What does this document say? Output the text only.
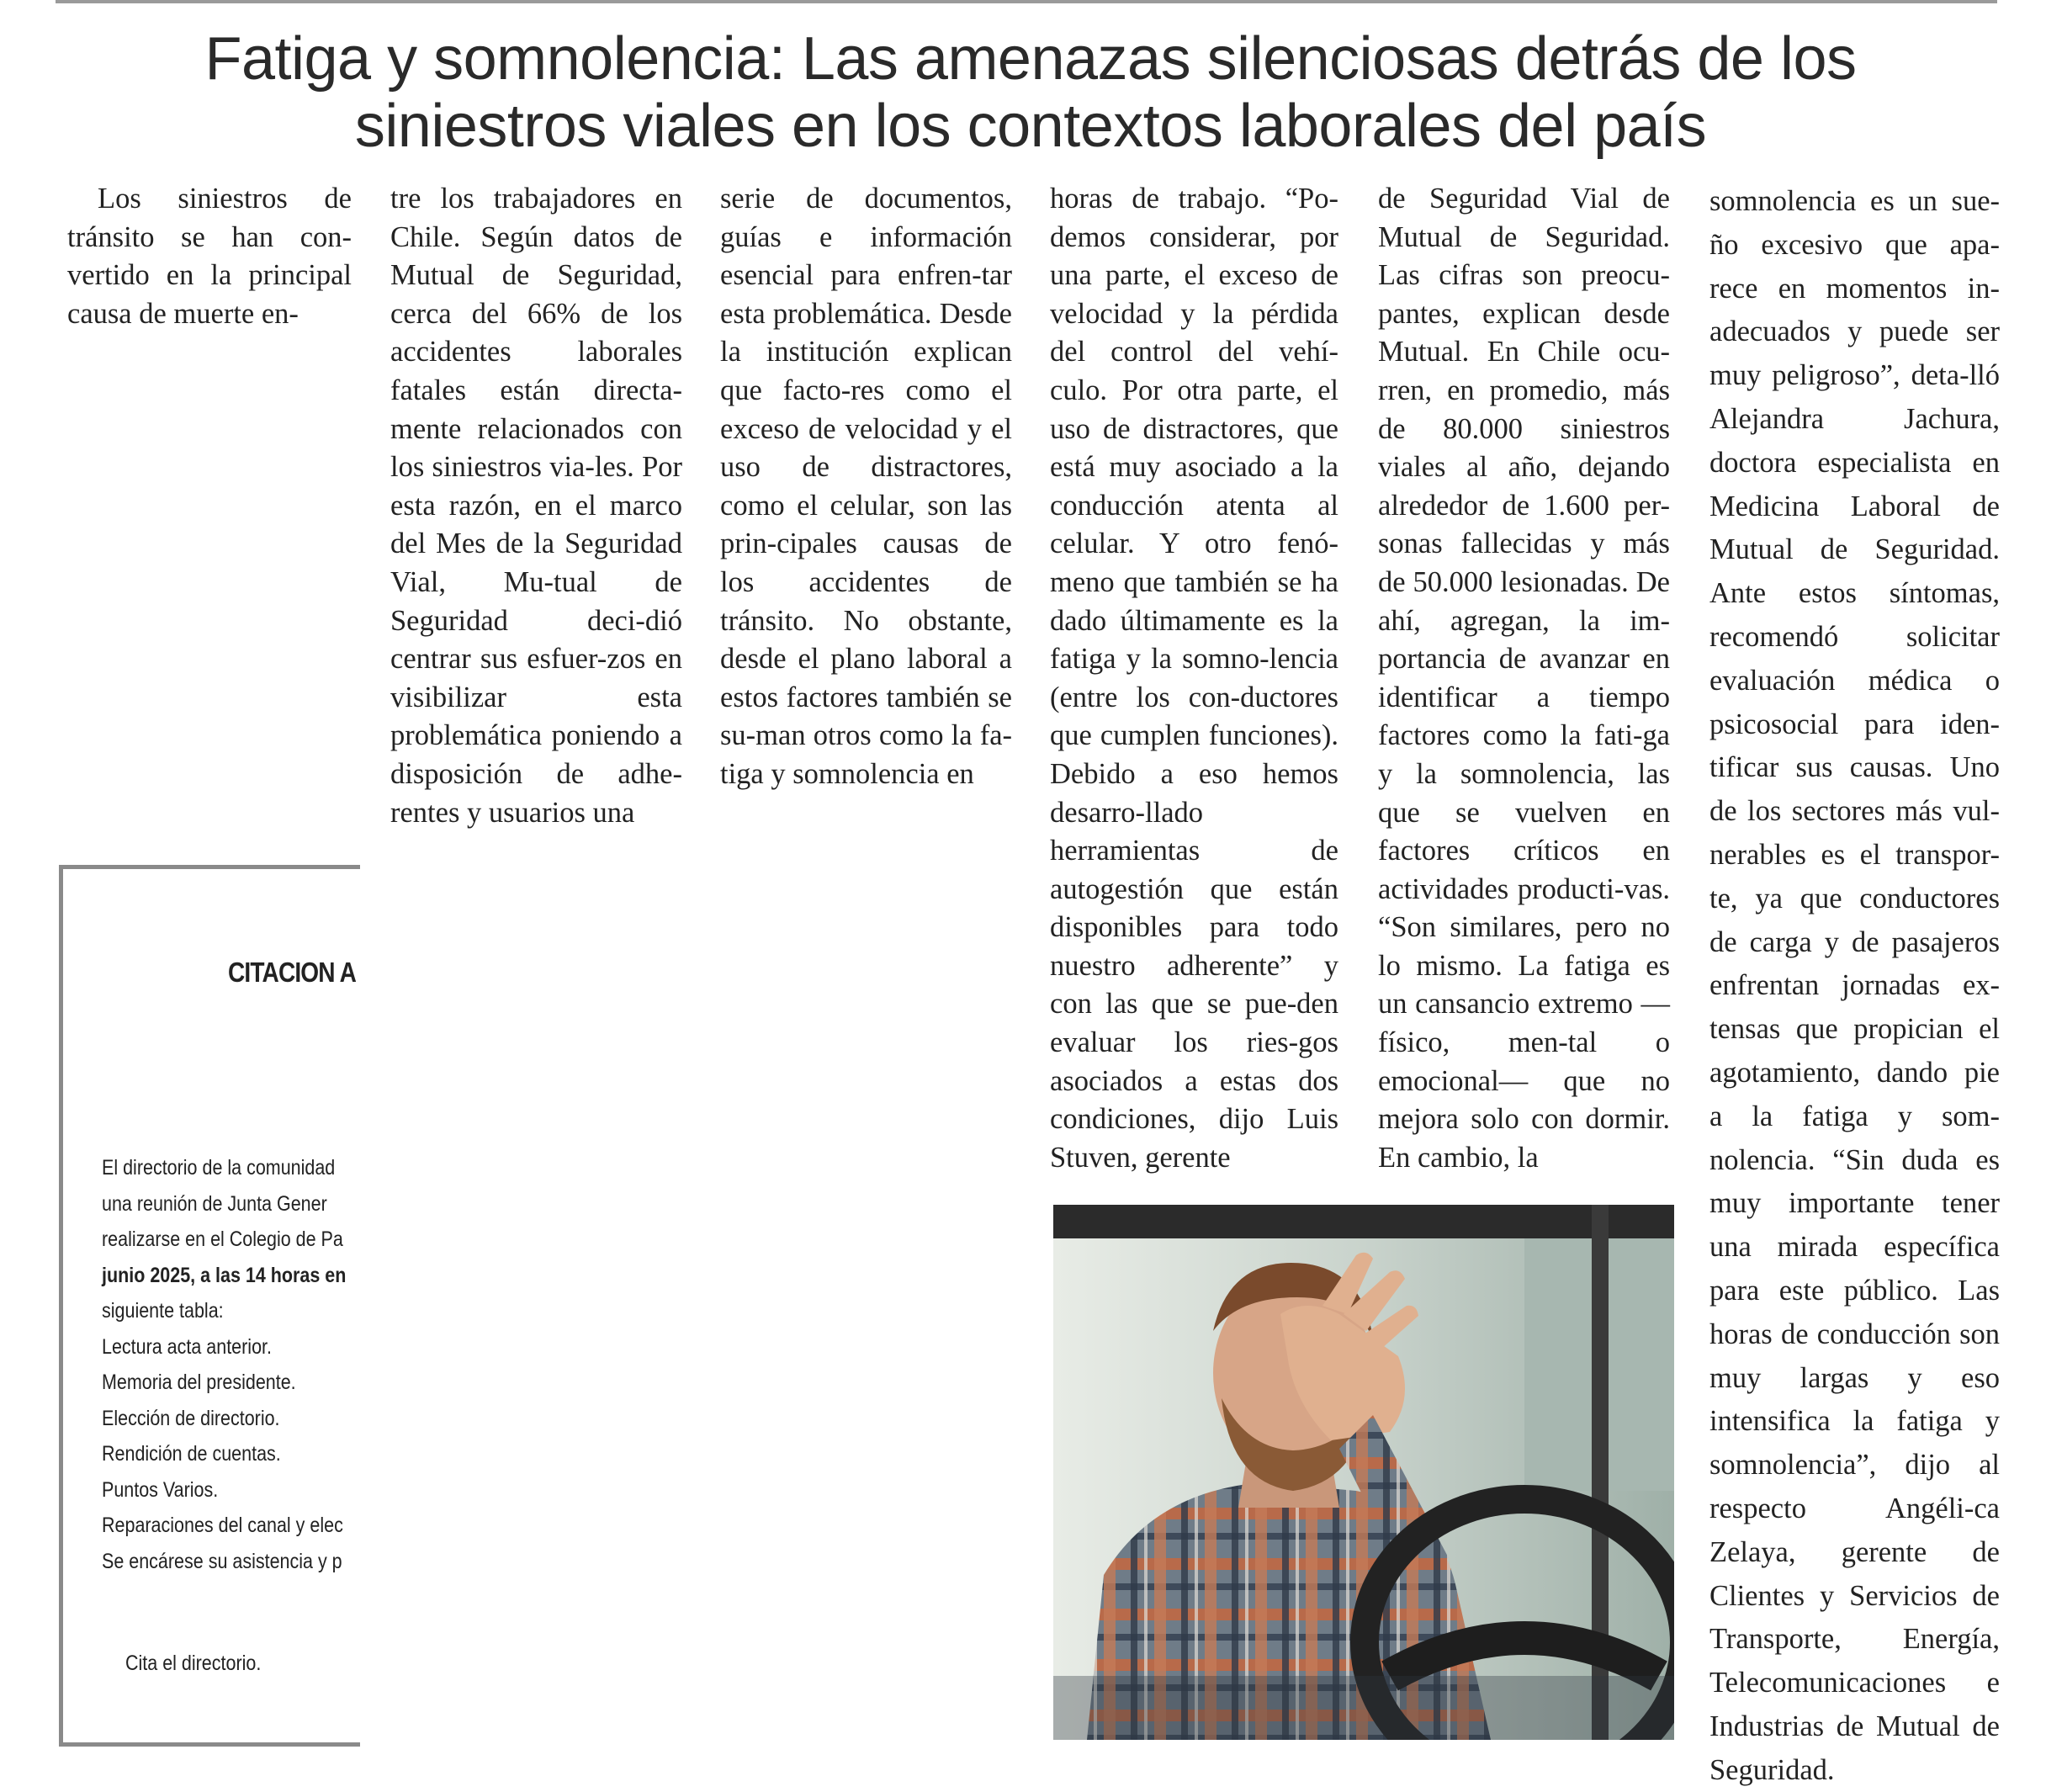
Fatiga y somnolencia: Las amenazas silenciosas detrás de los siniestros viales en los contextos laborales del país

Los siniestros de tránsito se han con-vertido en la principal causa de muerte en-

tre los trabajadores en Chile. Según datos de Mutual de Seguridad, cerca del 66% de los accidentes laborales fatales están directa-mente relacionados con los siniestros via-les. Por esta razón, en el marco del Mes de la Seguridad Vial, Mu-tual de Seguridad deci-dió centrar sus esfuer-zos en visibilizar esta problemática poniendo a disposición de adhe-rentes y usuarios una

serie de documentos, guías e información esencial para enfren-tar esta problemática. Desde la institución explican que facto-res como el exceso de velocidad y el uso de distractores, como el celular, son las prin-cipales causas de los accidentes de tránsito. No obstante, desde el plano laboral a estos factores también se su-man otros como la fa-tiga y somnolencia en

horas de trabajo. “Po-demos considerar, por una parte, el exceso de velocidad y la pérdida del control del vehí-culo. Por otra parte, el uso de distractores, que está muy asociado a la conducción atenta al celular. Y otro fenó-meno que también se ha dado últimamente es la fatiga y la somno-lencia (entre los con-ductores que cumplen funciones). Debido a eso hemos desarro-llado herramientas de autogestión que están disponibles para todo nuestro adherente” y con las que se pue-den evaluar los ries-gos asociados a estas dos condiciones, dijo Luis Stuven, gerente

de Seguridad Vial de Mutual de Seguridad. Las cifras son preocu-pantes, explican desde Mutual. En Chile ocu-rren, en promedio, más de 80.000 siniestros viales al año, dejando alrededor de 1.600 per-sonas fallecidas y más de 50.000 lesionadas. De ahí, agregan, la im-portancia de avanzar en identificar a tiempo factores como la fati-ga y la somnolencia, las que se vuelven en factores críticos en actividades producti-vas. “Son similares, pero no lo mismo. La fatiga es un cansancio extremo —físico, men-tal o emocional— que no mejora solo con dormir. En cambio, la

somnolencia es un sue-ño excesivo que apa-rece en momentos in-adecuados y puede ser muy peligroso”, deta-lló Alejandra Jachura, doctora especialista en Medicina Laboral de Mutual de Seguridad. Ante estos síntomas, recomendó solicitar evaluación médica o psicosocial para iden-tificar sus causas. Uno de los sectores más vul-nerables es el transpor-te, ya que conductores de carga y de pasajeros enfrentan jornadas ex-tensas que propician el agotamiento, dando pie a la fatiga y som-nolencia. “Sin duda es muy importante tener una mirada específica para este público. Las horas de conducción son muy largas y eso intensifica la fatiga y somnolencia”, dijo al respecto Angéli-ca Zelaya, gerente de Clientes y Servicios de Transporte, Energía, Telecomunicaciones e Industrias de Mutual de Seguridad.

CITACION A
El directorio de la comunidad
una reunión de Junta Gener
realizarse en el Colegio de Pa
junio 2025, a las 14 horas en
siguiente tabla:
Lectura acta anterior.
Memoria del presidente.
Elección de directorio.
Rendición de cuentas.
Puntos Varios.
Reparaciones del canal y elec
Se encárese su asistencia y p
Cita el directorio.
